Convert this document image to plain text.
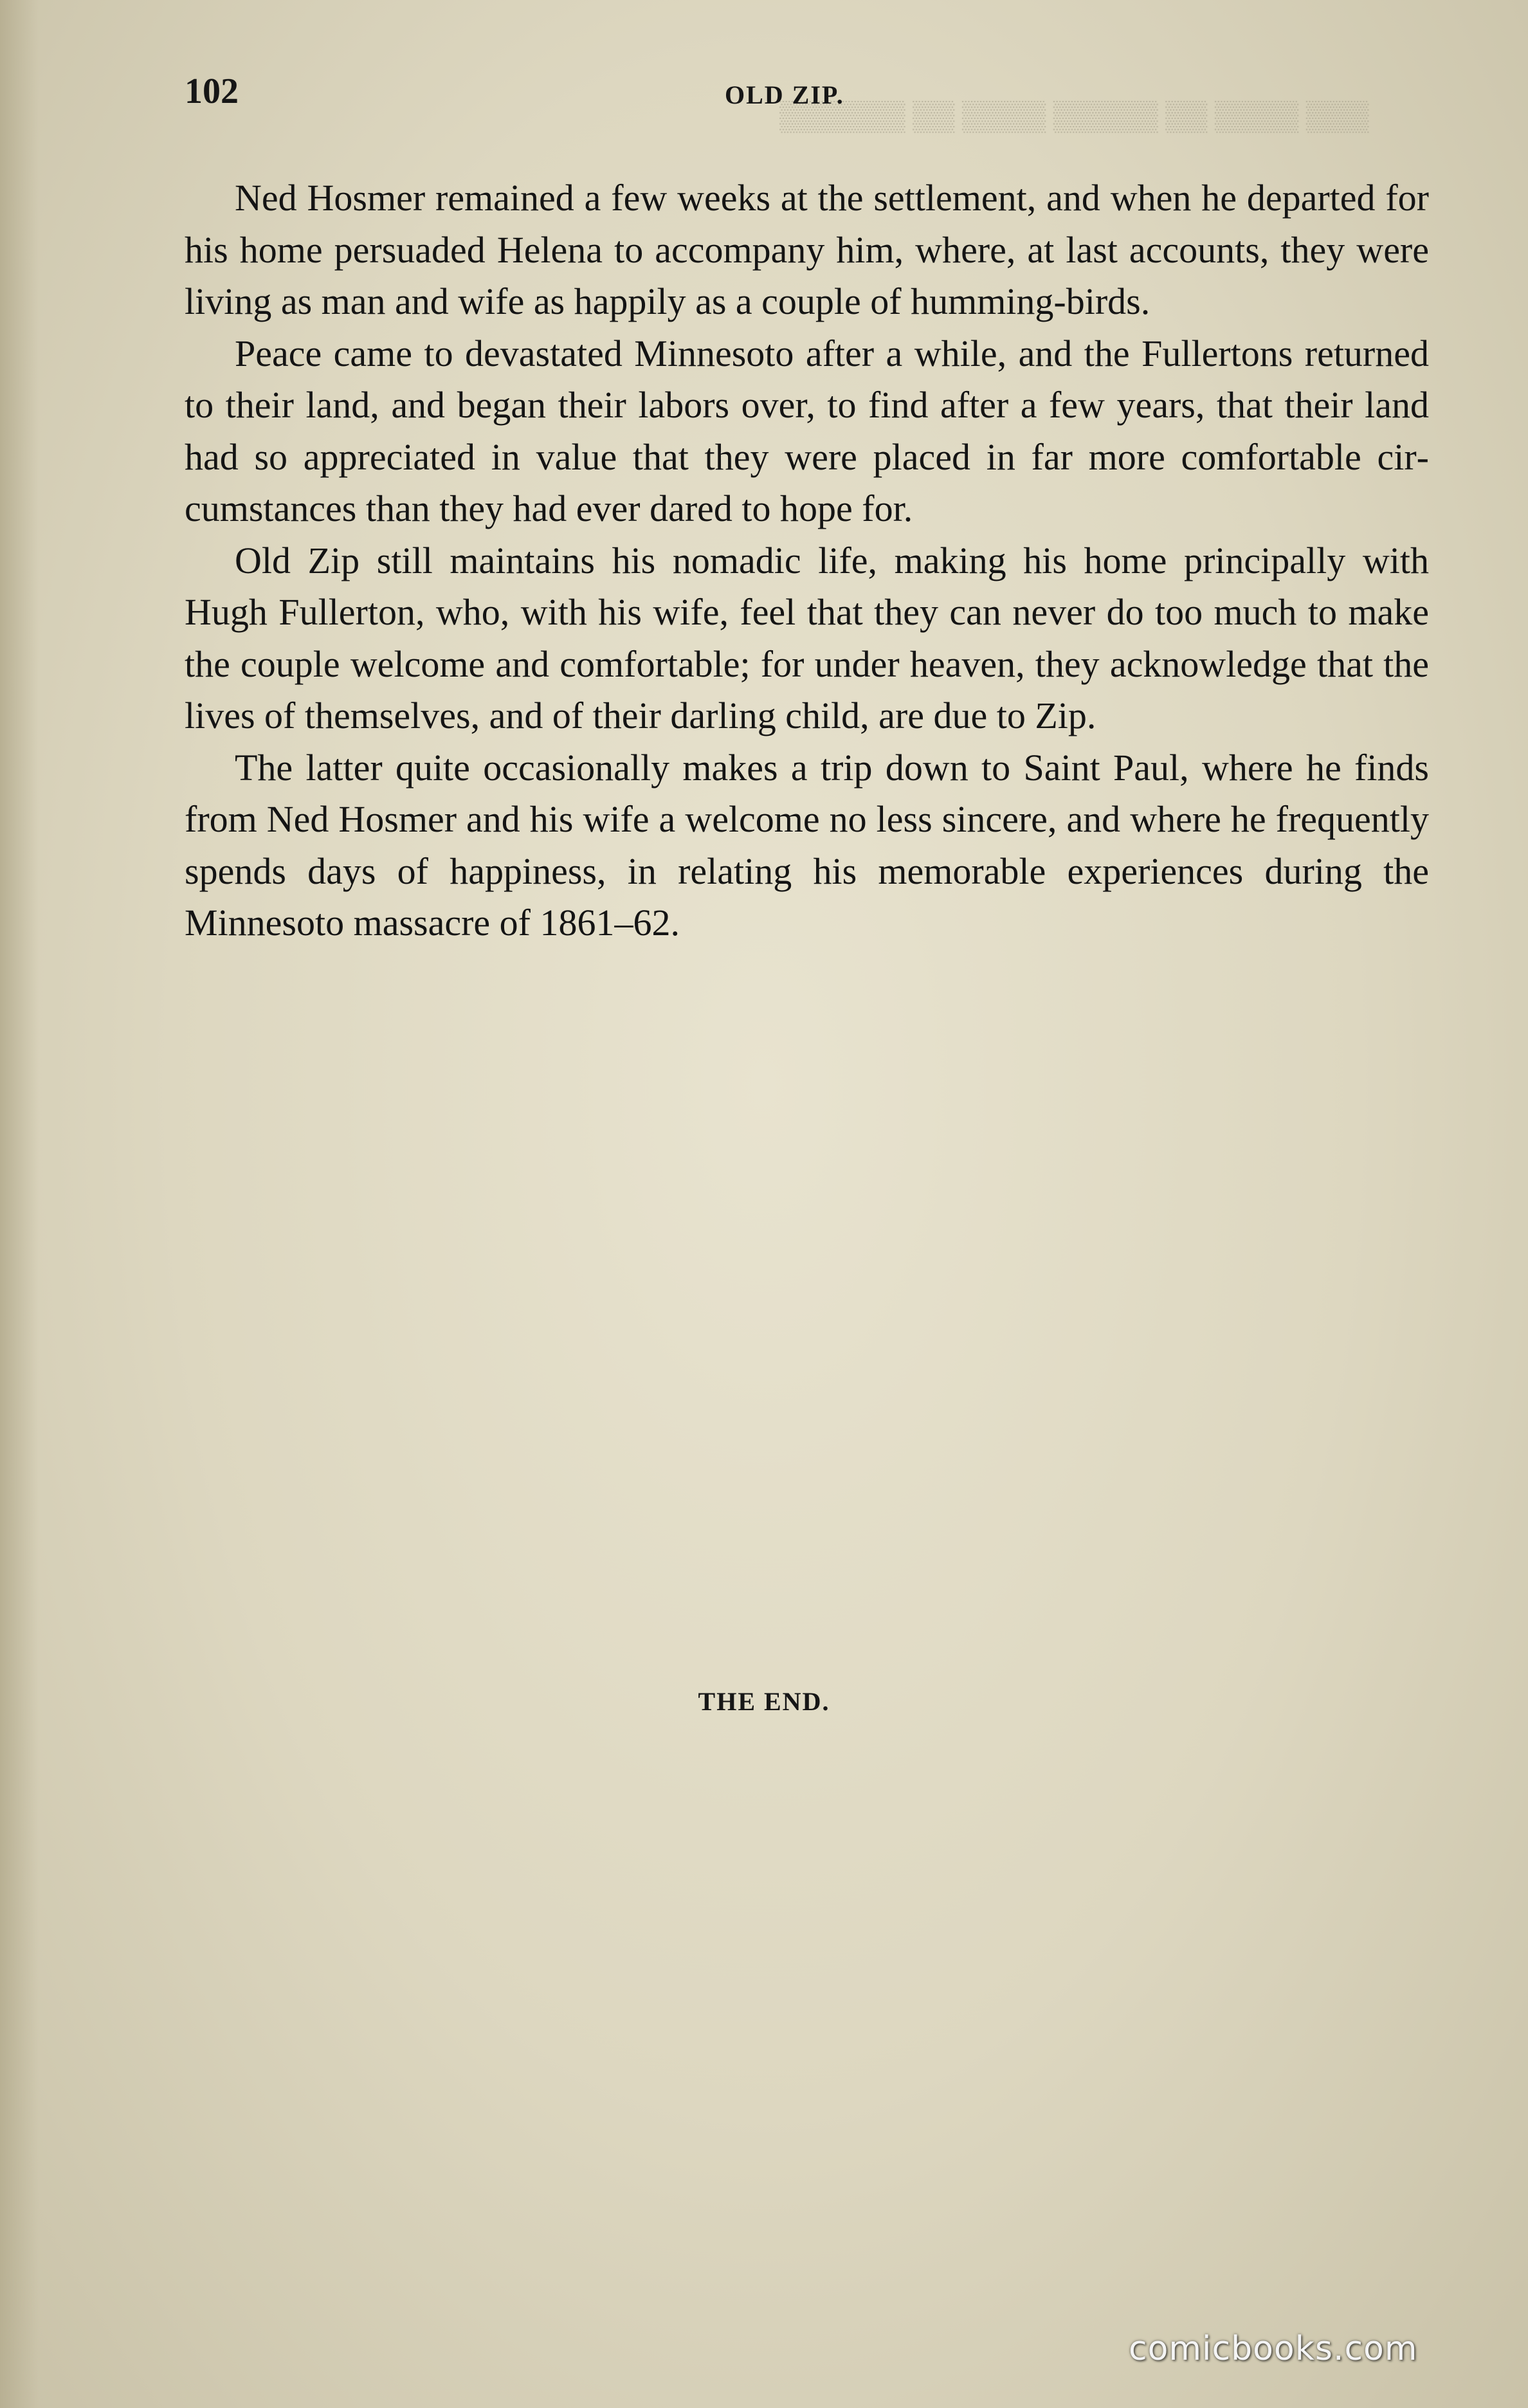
​ ▒▒▒ ▒▒▒▒ ▒▒ ▒▒▒▒▒ ▒▒▒▒ ▒▒ ▒▒▒▒▒▒

102	OLD ZIP.

Ned Hosmer remained a few weeks at the settlement, and when he departed for his home persuaded Helena to accompany him, where, at last accounts, they were living as man and wife as happily as a couple of humming-birds.

Peace came to devastated Minnesoto after a while, and the Fullertons returned to their land, and began their labors over, to find after a few years, that their land had so appreciated in value that they were placed in far more comfortable circumstances than they had ever dared to hope for.

Old Zip still maintains his nomadic life, making his home principally with Hugh Fullerton, who, with his wife, feel that they can never do too much to make the couple welcome and comfortable; for under heaven, they acknowledge that the lives of themselves, and of their darling child, are due to Zip.

The latter quite occasionally makes a trip down to Saint Paul, where he finds from Ned Hosmer and his wife a welcome no less sincere, and where he frequently spends days of happiness, in relating his memorable experiences during the Minnesoto massacre of 1861–62.

THE END.
comicbooks.com
